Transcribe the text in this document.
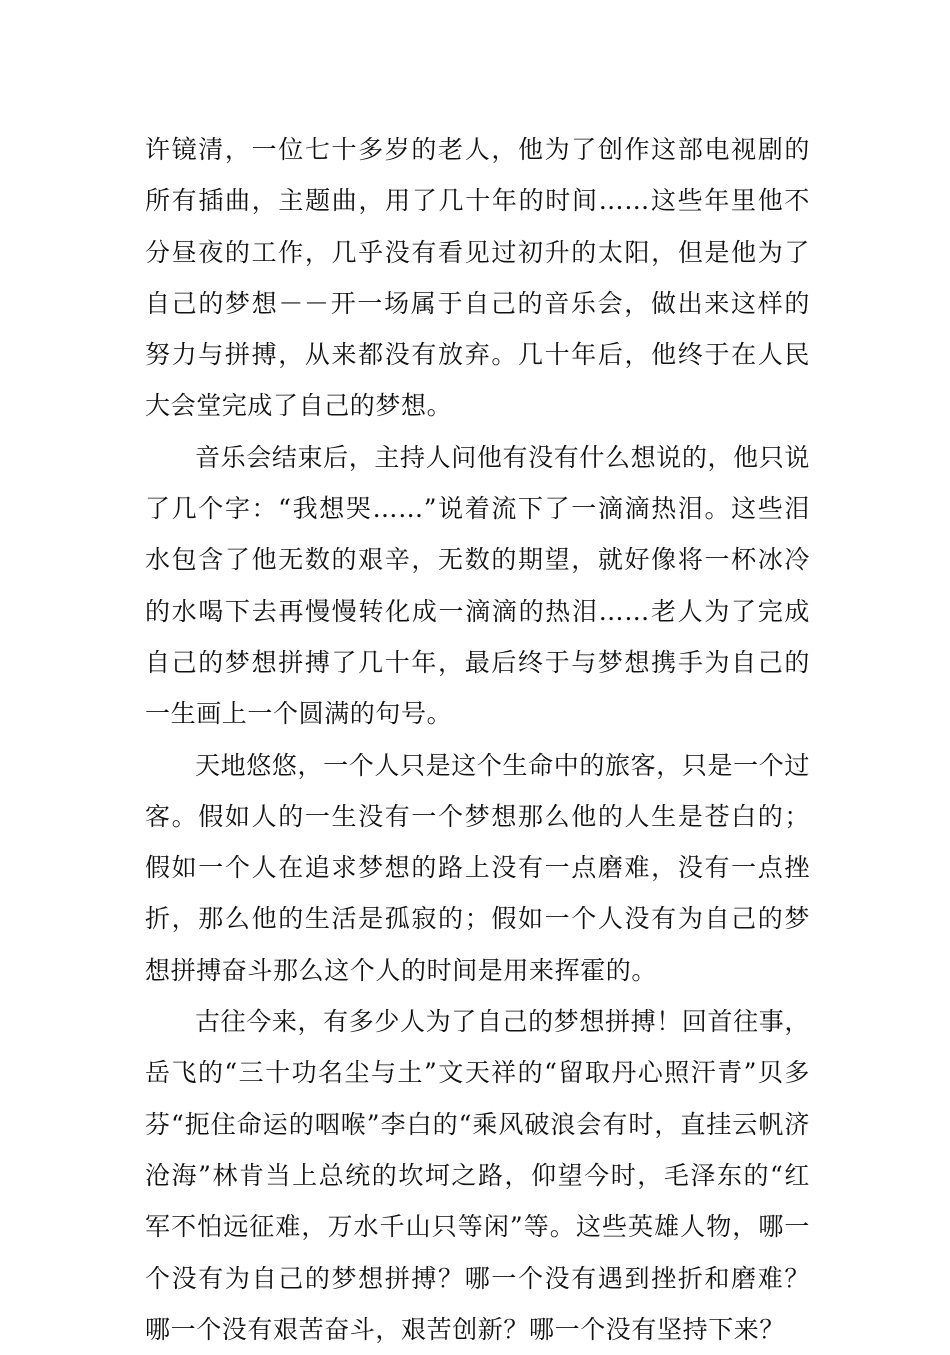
许镜清，一位七十多岁的老人，他为了创作这部电视剧的所有插曲，主题曲，用了几十年的时间……这些年里他不分昼夜的工作，几乎没有看见过初升的太阳，但是他为了自己的梦想－－开一场属于自己的音乐会，做出来这样的努力与拼搏，从来都没有放弃。几十年后，他终于在人民大会堂完成了自己的梦想。

音乐会结束后，主持人问他有没有什么想说的，他只说了几个字：“我想哭……”说着流下了一滴滴热泪。这些泪水包含了他无数的艰辛，无数的期望，就好像将一杯冰冷的水喝下去再慢慢转化成一滴滴的热泪……老人为了完成自己的梦想拼搏了几十年，最后终于与梦想携手为自己的一生画上一个圆满的句号。

天地悠悠，一个人只是这个生命中的旅客，只是一个过客。假如人的一生没有一个梦想那么他的人生是苍白的；假如一个人在追求梦想的路上没有一点磨难，没有一点挫折，那么他的生活是孤寂的；假如一个人没有为自己的梦想拼搏奋斗那么这个人的时间是用来挥霍的。

古往今来，有多少人为了自己的梦想拼搏！回首往事，岳飞的“三十功名尘与土”文天祥的“留取丹心照汗青”贝多芬“扼住命运的咽喉”李白的“乘风破浪会有时，直挂云帆济沧海”林肯当上总统的坎坷之路，仰望今时，毛泽东的“红军不怕远征难，万水千山只等闲”等。这些英雄人物，哪一个没有为自己的梦想拼搏？哪一个没有遇到挫折和磨难？哪一个没有艰苦奋斗，艰苦创新？哪一个没有坚持下来？
